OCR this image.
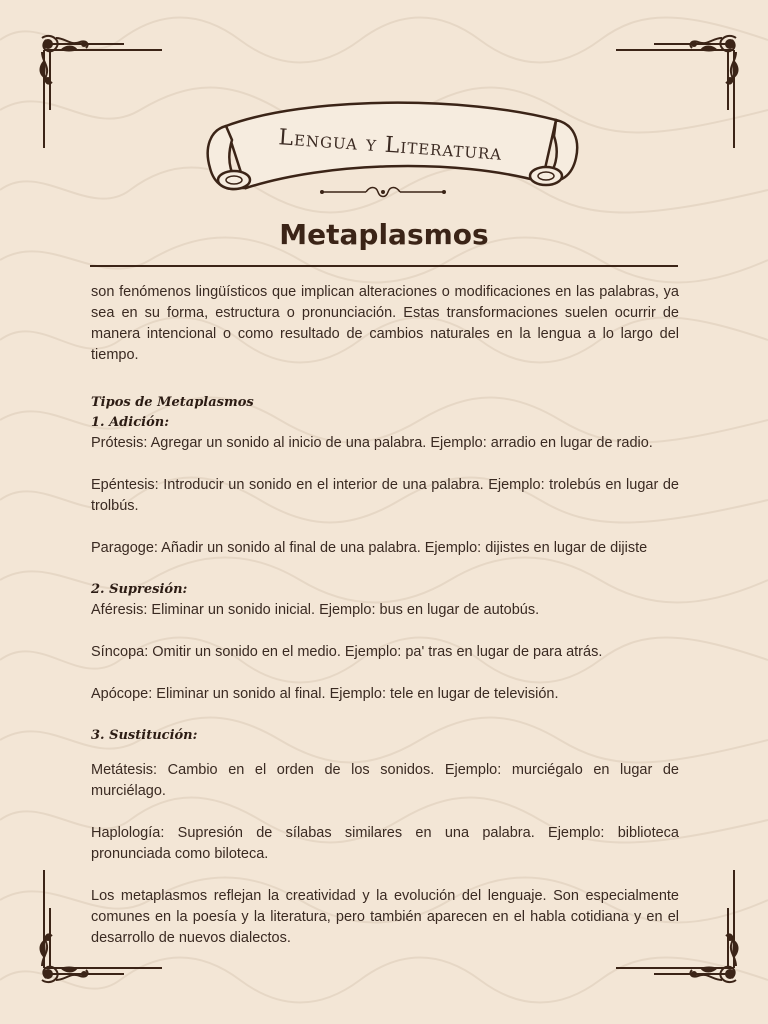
Lengua y Literatura
Metaplasmos

son fenómenos lingüísticos que implican alteraciones o modificaciones en las palabras, ya sea en su forma, estructura o pronunciación. Estas transformaciones suelen ocurrir de manera intencional o como resultado de cambios naturales en la lengua a lo largo del tiempo.

Tipos de Metaplasmos

1. Adición:

Prótesis: Agregar un sonido al inicio de una palabra. Ejemplo: arradio en lugar de radio.

Epéntesis: Introducir un sonido en el interior de una palabra. Ejemplo: trolebús en lugar de trolbús.

Paragoge: Añadir un sonido al final de una palabra. Ejemplo: dijistes en lugar de dijiste

2. Supresión:

Aféresis: Eliminar un sonido inicial. Ejemplo: bus en lugar de autobús.

Síncopa: Omitir un sonido en el medio. Ejemplo: pa' tras en lugar de para atrás.

Apócope: Eliminar un sonido al final. Ejemplo: tele en lugar de televisión.

3. Sustitución:

Metátesis: Cambio en el orden de los sonidos. Ejemplo: murciégalo en lugar de murciélago.

Haplología: Supresión de sílabas similares en una palabra. Ejemplo: biblioteca pronunciada como biloteca.

Los metaplasmos reflejan la creatividad y la evolución del lenguaje. Son especialmente comunes en la poesía y la literatura, pero también aparecen en el habla cotidiana y en el desarrollo de nuevos dialectos.
